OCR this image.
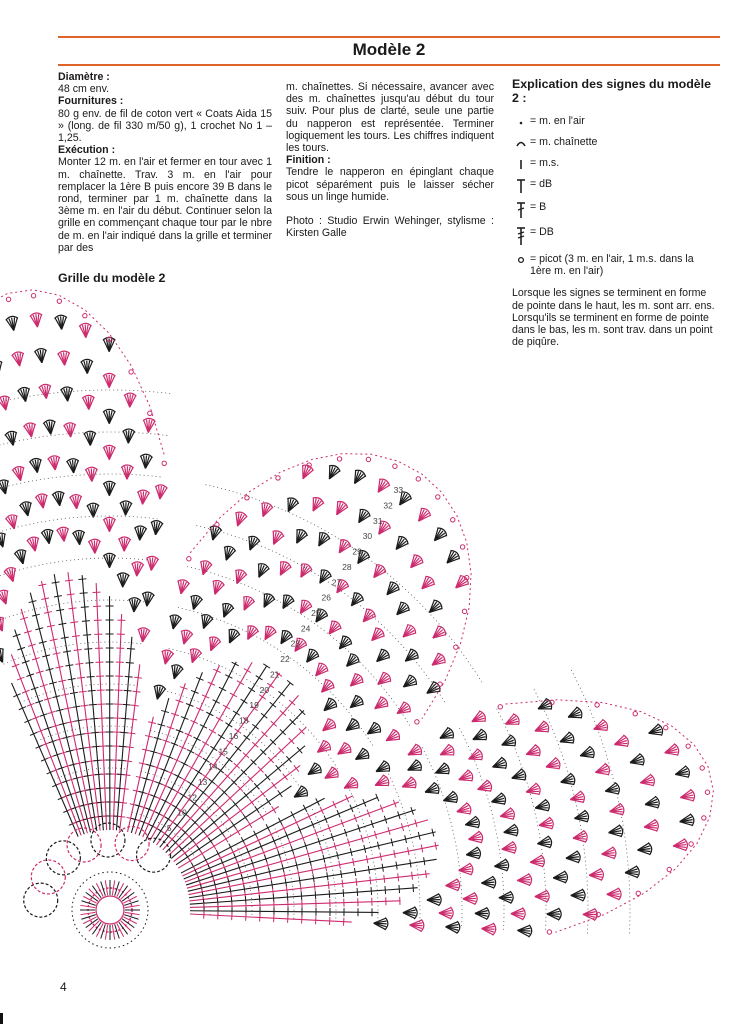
Modèle 2
Diamètre :
48 cm env.
Fournitures :
80 g env. de fil de coton vert « Coats Aida 15 » (long. de fil 330 m/50 g), 1 crochet No 1 – 1,25.
Exécution :
Monter 12 m. en l'air et fermer en tour avec 1 m. chaînette. Trav. 3 m. en l'air pour remplacer la 1ère B puis encore 39 B dans le rond, terminer par 1 m. chaînette dans la 3ème m. en l'air du début. Continuer selon la grille en commençant chaque tour par le nbre de m. en l'air indiqué dans la grille et terminer par des
m. chaînettes. Si nécessaire, avancer avec des m. chaînettes jusqu'au début du tour suiv. Pour plus de clarté, seule une partie du napperon est représentée. Terminer logiquement les tours. Les chiffres indiquent les tours.
Finition :
Tendre le napperon en épinglant chaque picot séparément puis le laisser sécher sous un linge humide.
Photo : Studio Erwin Wehinger, stylisme : Kirsten Galle
Explication des signes du modèle 2 :
= m. en l'air
= m. chaînette
= m.s.
= dB
= B
= DB
= picot (3 m. en l'air, 1 m.s. dans la 1ère m. en l'air)
Lorsque les signes se terminent en forme de pointe dans le haut, les m. sont arr. ens. Lorsqu'ils se terminent en forme de pointe dans le bas, les m. sont trav. dans un point de piqûre.
Grille du modèle 2
5
10
12
13
14
15
16
18
19
20
21
22
23
24
25
26
27
28
29
30
31
32
33
4
